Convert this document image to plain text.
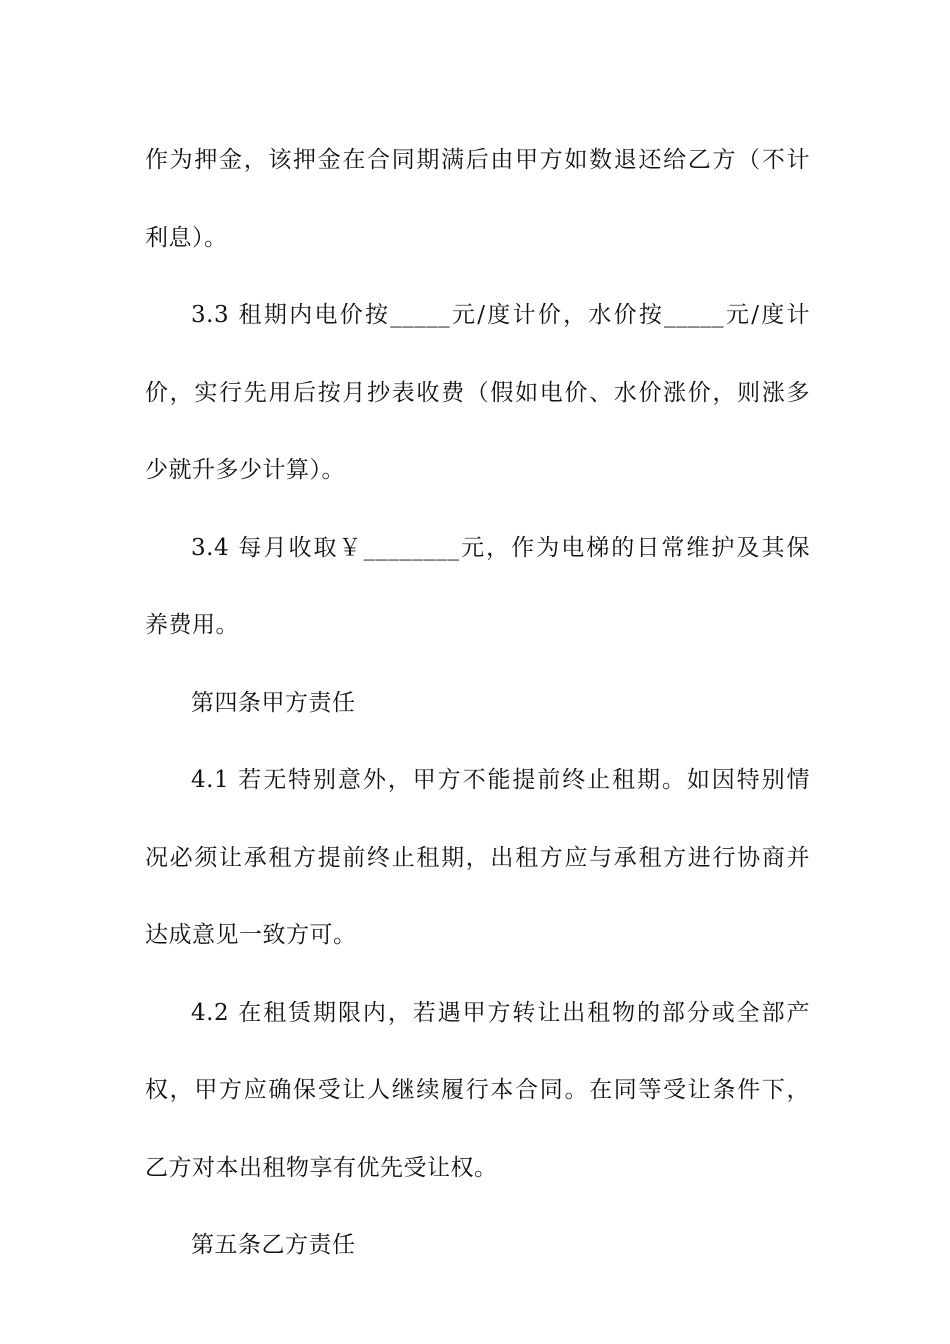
作为押金，该押金在合同期满后由甲方如数退还给乙方（不计
利息）。
3.3 租期内电价按_____元/度计价，水价按_____元/度计
价，实行先用后按月抄表收费（假如电价、水价涨价，则涨多
少就升多少计算）。
3.4 每月收取￥________元，作为电梯的日常维护及其保
养费用。
第四条甲方责任
4.1 若无特别意外，甲方不能提前终止租期。如因特别情
况必须让承租方提前终止租期，出租方应与承租方进行协商并
达成意见一致方可。
4.2 在租赁期限内，若遇甲方转让出租物的部分或全部产
权，甲方应确保受让人继续履行本合同。在同等受让条件下，
乙方对本出租物享有优先受让权。
第五条乙方责任
